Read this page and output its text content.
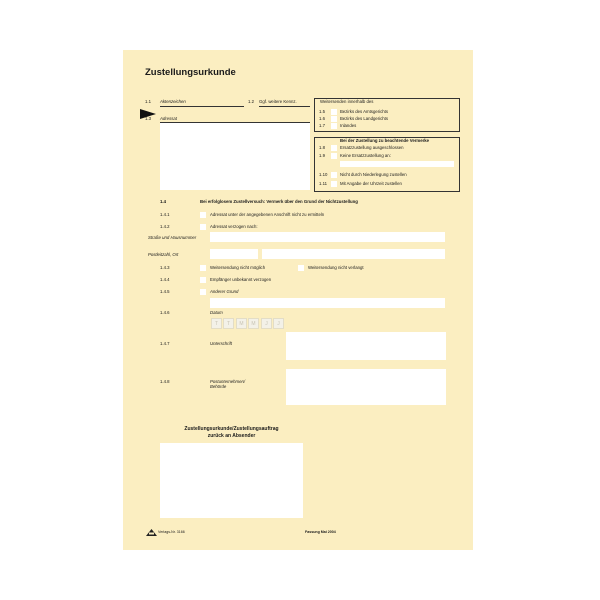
Zustellungsurkunde
1.1 Aktenzeichen	1.2 Ggf. weitere Kennz.
1.3 Adressat
Weitersenden innerhalb des
1.5	Bezirks des Amtsgerichts
1.6	Bezirks des Landgerichts
1.7	Inlandes
Bei der Zustellung zu beachtende Vermerke
1.8	Ersatzzustellung ausgeschlossen
1.9	Keine Ersatzzustellung an:
1.10	Nicht durch Niederlegung zustellen
1.11	Mit Angabe der Uhrzeit zustellen
1.4	Bei erfolglosem Zustellversuch: Vermerk über den Grund der Nichtzustellung
1.4.1	Adressat unter der angegebenen Anschrift nicht zu ermitteln
1.4.2	Adressat verzogen nach:
Straße und Hausnummer
Postleitzahl, Ort
1.4.3	Weitersendung nicht möglich	Weitersendung nicht verlangt
1.4.4	Empfänger unbekannt verzogen
1.4.5	Anderer Grund
1.4.6	Datum
T	T	M	M	J	J
1.4.7	Unterschrift
1.4.8	Postunternehmen/
Behörde
Zustellungsurkunde/Zustellungsauftrag
zurück an Absender
Verlags-Nr. 3166	Fassung Mai 2004
